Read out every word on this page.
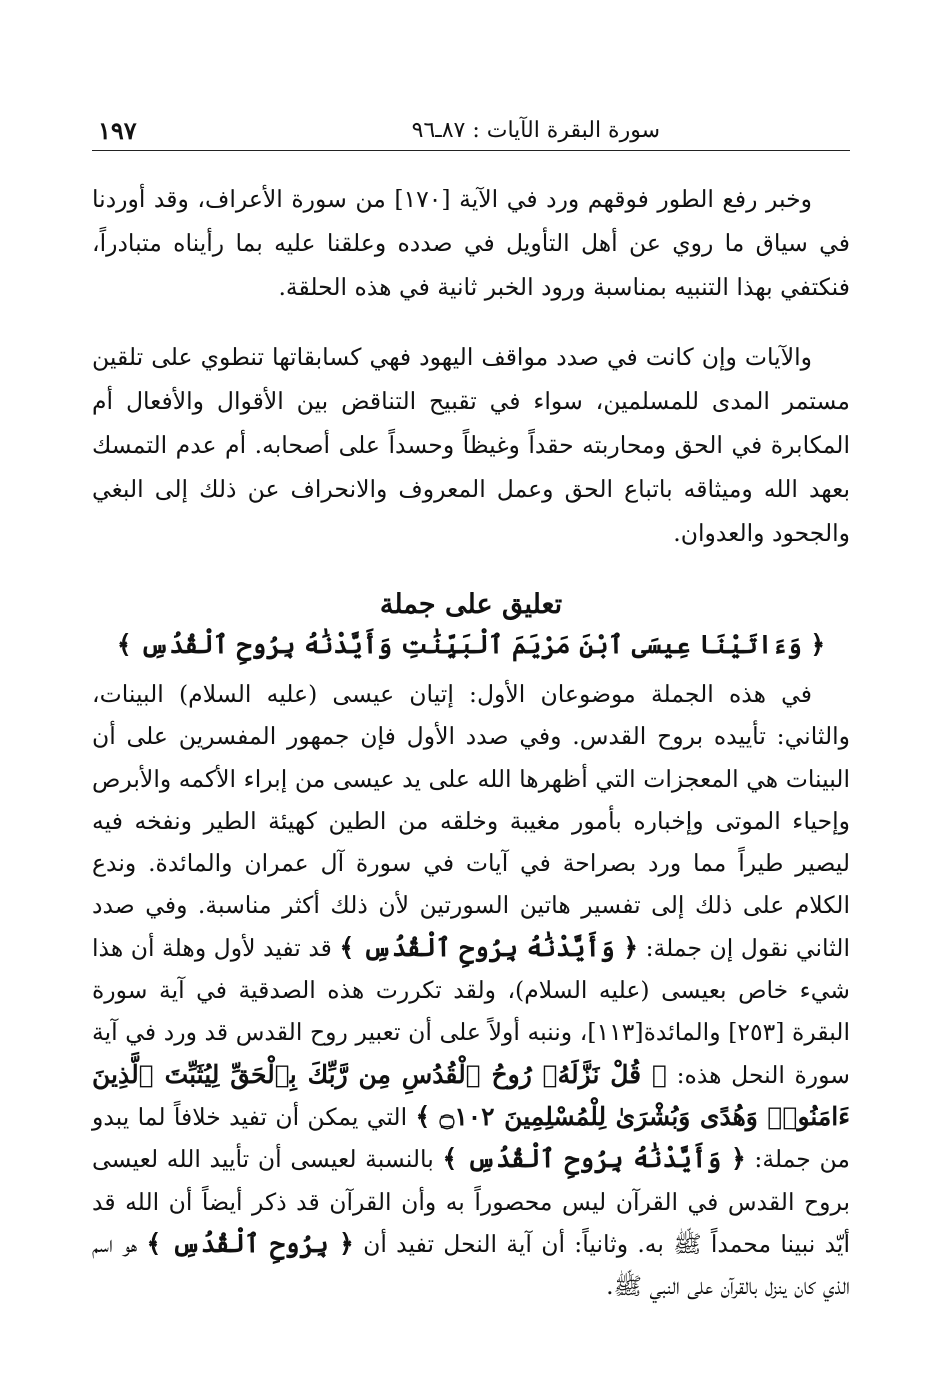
سورة البقرة الآيات : ٨٧ـ٩٦
١٩٧

وخبر رفع الطور فوقهم ورد في الآية [١٧٠] من سورة الأعراف، وقد أوردنا في سياق ما روي عن أهل التأويل في صدده وعلقنا عليه بما رأيناه متبادراً، فنكتفي بهذا التنبيه بمناسبة ورود الخبر ثانية في هذه الحلقة.

والآيات وإن كانت في صدد مواقف اليهود فهي كسابقاتها تنطوي على تلقين مستمر المدى للمسلمين، سواء في تقبيح التناقض بين الأقوال والأفعال أم المكابرة في الحق ومحاربته حقداً وغيظاً وحسداً على أصحابه. أم عدم التمسك بعهد الله وميثاقه باتباع الحق وعمل المعروف والانحراف عن ذلك إلى البغي والجحود والعدوان.

تعليق على جملة
﴿ وَءَاتَيْنَا عِيسَى ٱبْنَ مَرْيَمَ ٱلْبَيِّنَٰتِ وَأَيَّدْنَٰهُ بِرُوحِ ٱلْقُدُسِ ﴾

في هذه الجملة موضوعان الأول: إتيان عيسى (عليه السلام) البينات، والثاني: تأييده بروح القدس. وفي صدد الأول فإن جمهور المفسرين على أن البينات هي المعجزات التي أظهرها الله على يد عيسى من إبراء الأكمه والأبرص وإحياء الموتى وإخباره بأمور مغيبة وخلقه من الطين كهيئة الطير ونفخه فيه ليصير طيراً مما ورد بصراحة في آيات في سورة آل عمران والمائدة. وندع الكلام على ذلك إلى تفسير هاتين السورتين لأن ذلك أكثر مناسبة. وفي صدد الثاني نقول إن جملة: ﴿ وَأَيَّدْنَٰهُ بِرُوحِ ٱلْقُدُسِ ﴾ قد تفيد لأول وهلة أن هذا شيء خاص بعيسى (عليه السلام)، ولقد تكررت هذه الصدقية في آية سورة البقرة [٢٥٣] والمائدة[١١٣]، وننبه أولاً على أن تعبير روح القدس قد ورد في آية سورة النحل هذه: ﴿ قُلْ نَزَّلَهُۥ رُوحُ ٱلْقُدُسِ مِن رَّبِّكَ بِٱلْحَقِّ لِيُثَبِّتَ ٱلَّذِينَ ءَامَنُوا۟ وَهُدًى وَبُشْرَىٰ لِلْمُسْلِمِينَ ۝١٠٢ ﴾ التي يمكن أن تفيد خلافاً لما يبدو من جملة: ﴿ وَأَيَّدْنَٰهُ بِرُوحِ ٱلْقُدُسِ ﴾ بالنسبة لعيسى أن تأييد الله لعيسى بروح القدس في القرآن ليس محصوراً به وأن القرآن قد ذكر أيضاً أن الله قد أيّد نبينا محمداً ﷺ به. وثانياً: أن آية النحل تفيد أن ﴿ بِرُوحِ ٱلْقُدُسِ ﴾ هو اسم الذي كان ينزل بالقرآن على النبي ﷺ.
